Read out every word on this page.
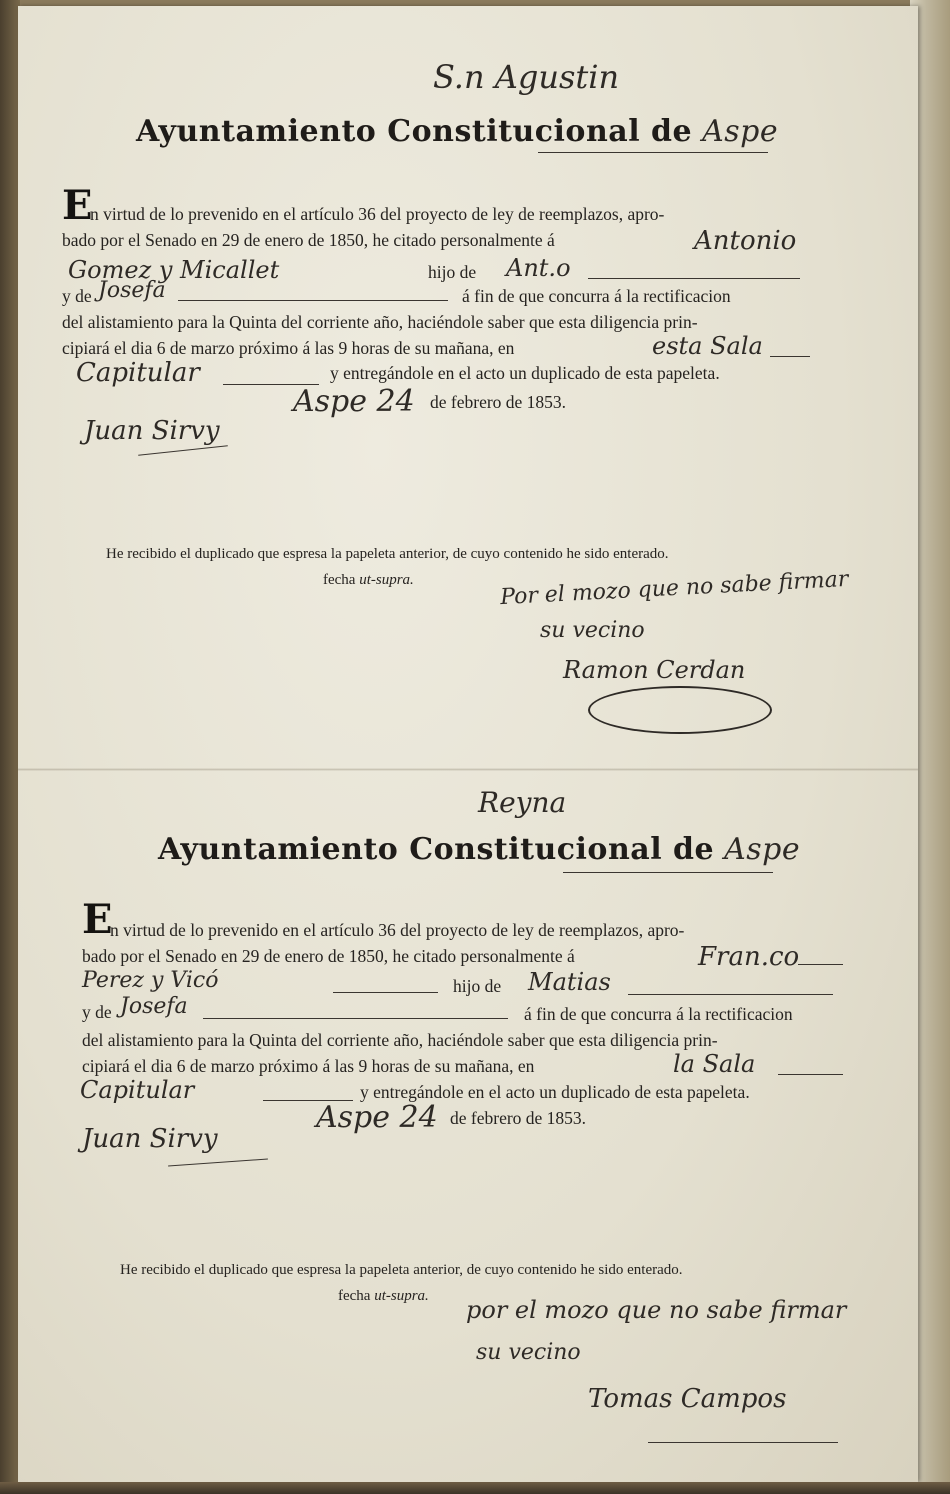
S.n Agustin
Ayuntamiento Constitucional de Aspe
E
n virtud de lo prevenido en el artículo 36 del proyecto de ley de reemplazos, apro-
bado por el Senado en 29 de enero de 1850, he citado personalmente á	Antonio
Gomez y Micallet	hijo de Ant.o
y de Josefa	á fin de que concurra á la rectificacion
del alistamiento para la Quinta del corriente año, haciéndole saber que esta diligencia prin-
cipiará el dia 6 de marzo próximo á las 9 horas de su mañana, en	esta Sala
Capitular	y entregándole en el acto un duplicado de esta papeleta.
Aspe 24 de febrero de 1853.
Juan Sirvy
He recibido el duplicado que espresa la papeleta anterior, de cuyo contenido he sido enterado.
fecha ut-supra.	Por el mozo que no sabe firmar
su vecino
Ramon Cerdan
Reyna
Ayuntamiento Constitucional de Aspe
E
n virtud de lo prevenido en el artículo 36 del proyecto de ley de reemplazos, apro-
bado por el Senado en 29 de enero de 1850, he citado personalmente á	Fran.co
Perez y Vicó	hijo de Matias
y de Josefa	á fin de que concurra á la rectificacion
del alistamiento para la Quinta del corriente año, haciéndole saber que esta diligencia prin-
cipiará el dia 6 de marzo próximo á las 9 horas de su mañana, en	la Sala
Capitular	y entregándole en el acto un duplicado de esta papeleta.
Aspe 24 de febrero de 1853.
Juan Sirvy
He recibido el duplicado que espresa la papeleta anterior, de cuyo contenido he sido enterado.
fecha ut-supra. por el mozo que no sabe firmar
su vecino
Tomas Campos
